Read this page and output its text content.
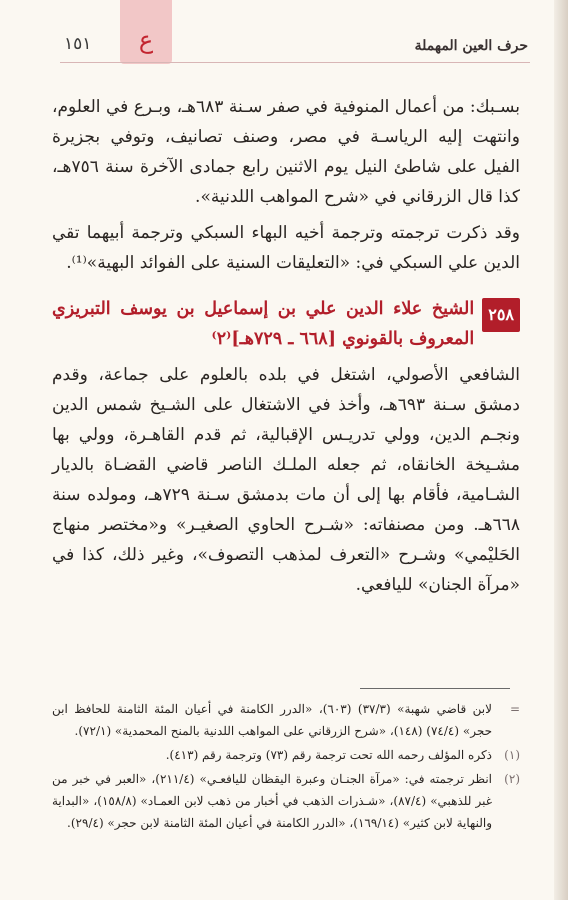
ع
١٥١	حرف العين المهملة

بسـبك: من أعمال المنوفية في صفر سـنة ٦٨٣هـ، وبـرع في العلوم، وانتهت إليه الرياسـة في مصر، وصنف تصانيف، وتوفي بجزيرة الفيل على شاطئ النيل يوم الاثنين رابع جمادى الآخرة سنة ٧٥٦هـ، كذا قال الزرقاني في «شرح المواهب اللدنية».

وقد ذكرت ترجمته وترجمة أخيه البهاء السبكي وترجمة أبيهما تقي الدين علي السبكي في: «التعليقات السنية على الفوائد البهية»⁽¹⁾.

٢٥٨
الشيخ علاء الدين علي بن إسماعيل بن يوسف التبريزي المعروف بالقونوي [٦٦٨ ـ ٧٢٩هـ]⁽٢⁾

الشافعي الأصولي، اشتغل في بلده بالعلوم على جماعة، وقدم دمشق سـنة ٦٩٣هـ، وأخذ في الاشتغال على الشـيخ شمس الدين ونجـم الدين، وولي تدريـس الإقبالية، ثم قدم القاهـرة، وولي بها مشـيخة الخانقاه، ثم جعله الملـك الناصر قاضي القضـاة بالديار الشـامية، فأقام بها إلى أن مات بدمشق سـنة ٧٢٩هـ، ومولده سنة ٦٦٨هـ. ومن مصنفاته: «شـرح الحاوي الصغيـر» و«مختصر منهاج الحَليْمي» وشـرح «التعرف لمذهب التصوف»، وغير ذلك، كذا في «مرآة الجنان» لليافعي.

=
لابن قاضي شهبة» (٣٧/٣) (٦٠٣)، «الدرر الكامنة في أعيان المئة الثامنة للحافظ ابن حجر» (٧٤/٤) (١٤٨)، «شرح الزرقاني على المواهب اللدنية بالمنح المحمدية» (٧٢/١).
(١)
ذكره المؤلف رحمه الله تحت ترجمة رقم (٧٣) وترجمة رقم (٤١٣).
(٢)
انظر ترجمته في: «مرآة الجنـان وعبرة اليقظان لليافعـي» (٢١١/٤)، «العبر في خبر من غبر للذهبي» (٨٧/٤)، «شـذرات الذهب في أخبار من ذهب لابن العمـاد» (١٥٨/٨)، «البداية والنهاية لابن كثير» (١٦٩/١٤)، «الدرر الكامنة في أعيان المئة الثامنة لابن حجر» (٢٩/٤).
